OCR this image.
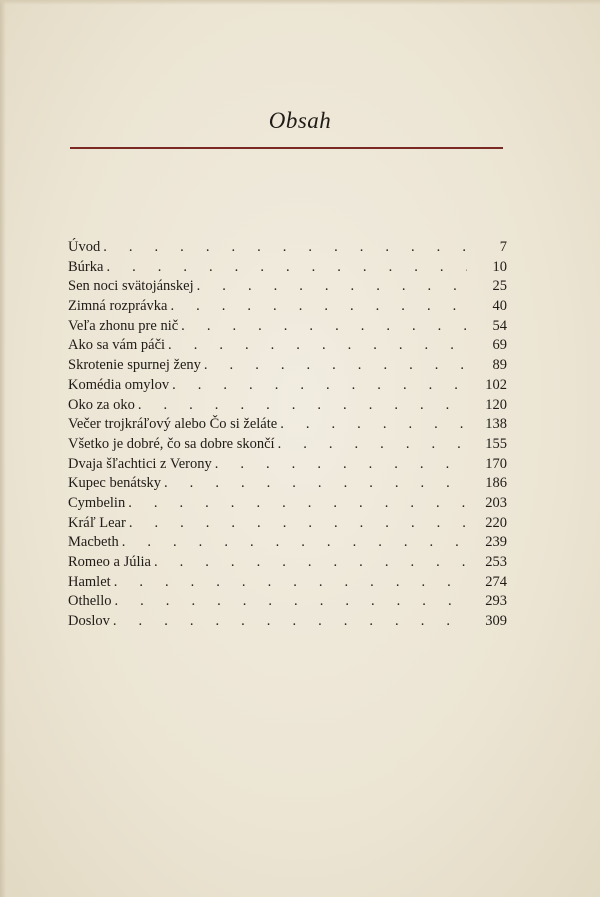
Obsah
Úvod . . .	7
Búrka . . .	10
Sen noci svätojánskej . . .	25
Zimná rozprávka . . .	40
Veľa zhonu pre nič . . .	54
Ako sa vám páči . . .	69
Skrotenie spurnej ženy . . .	89
Komédia omylov . . .	102
Oko za oko . . .	120
Večer trojkráľový alebo Čo si želáte . . .	138
Všetko je dobré, čo sa dobre skončí . . .	155
Dvaja šľachtici z Verony . . .	170
Kupec benátsky . . .	186
Cymbelin . . .	203
Kráľ Lear . . .	220
Macbeth . . .	239
Romeo a Júlia . . .	253
Hamlet . . .	274
Othello . . .	293
Doslov . . .	309
